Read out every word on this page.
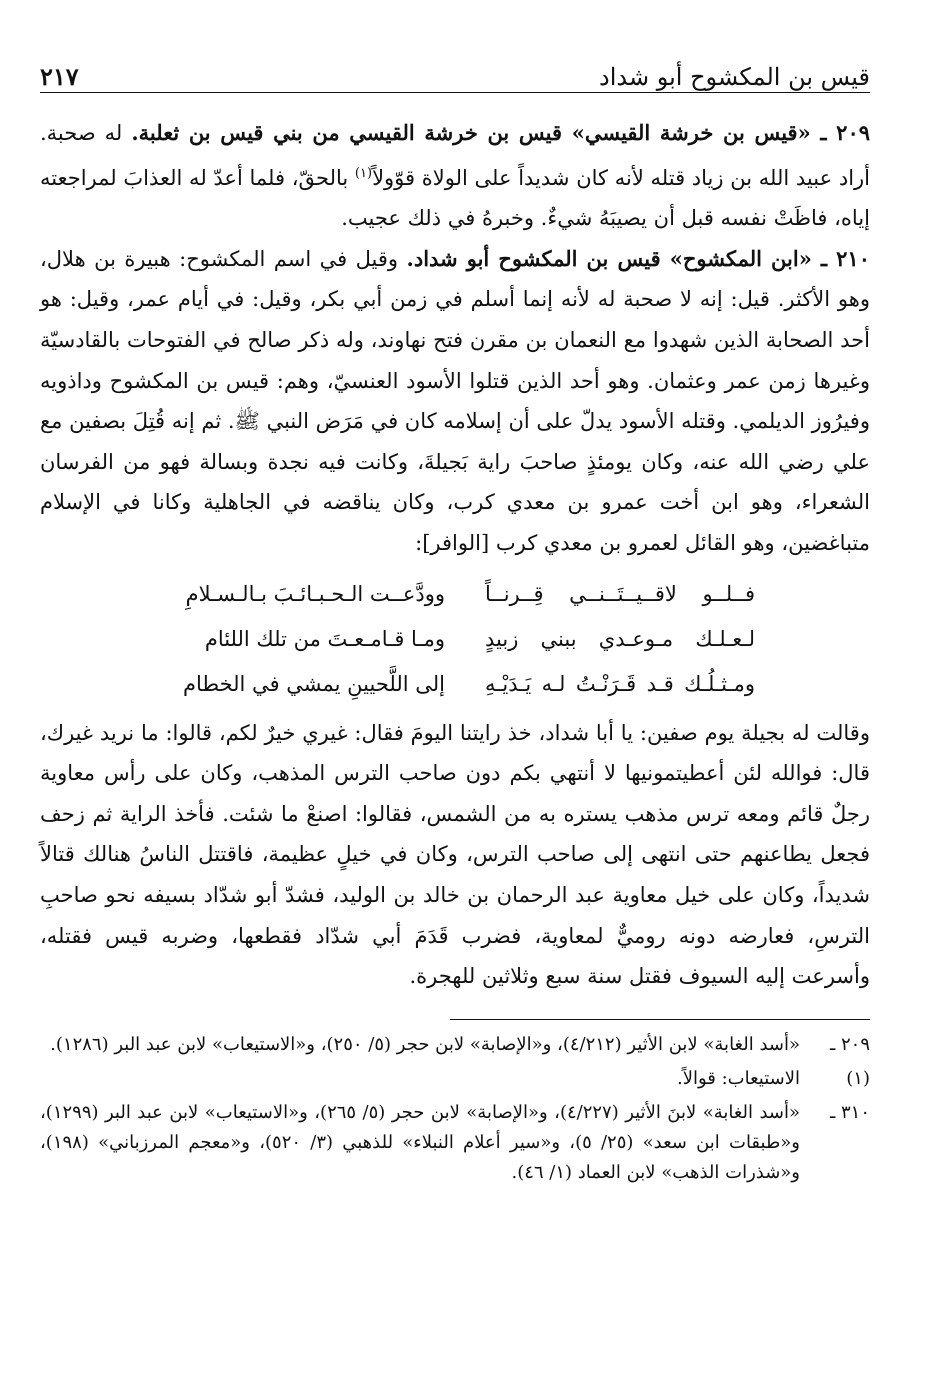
قيس بن المكشوح أبو شداد
٢١٧

٢٠٩ ـ «قيس بن خرشة القيسي» قيس بن خرشة القيسي من بني قيس بن ثعلبة. له صحبة. أراد عبيد الله بن زياد قتله لأنه كان شديداً على الولاة قوّولاً$^{(١)}$ بالحقّ، فلما أعدّ له العذابَ لمراجعته إياه، فاظَتْ نفسه قبل أن يصيبَهُ شيءٌ. وخبرهُ في ذلك عجيب.

٢١٠ ـ «ابن المكشوح» قيس بن المكشوح أبو شداد. وقيل في اسم المكشوح: هبيرة بن هلال، وهو الأكثر. قيل: إنه لا صحبة له لأنه إنما أسلم في زمن أبي بكر، وقيل: في أيام عمر، وقيل: هو أحد الصحابة الذين شهدوا مع النعمان بن مقرن فتح نهاوند، وله ذكر صالح في الفتوحات بالقادسيّة وغيرها زمن عمر وعثمان. وهو أحد الذين قتلوا الأسود العنسيّ، وهم: قيس بن المكشوح وداذويه وفيرُوز الديلمي. وقتله الأسود يدلّ على أن إسلامه كان في مَرَض النبي ﷺ. ثم إنه قُتِلَ بصفين مع علي رضي الله عنه، وكان يومئذٍ صاحبَ راية بَجيلةَ، وكانت فيه نجدة وبسالة فهو من الفرسان الشعراء، وهو ابن أخت عمرو بن معدي كرب، وكان يناقضه في الجاهلية وكانا في الإسلام متباغضين، وهو القائل لعمرو بن معدي كرب [الوافر]:

فــلــو لاقــيــتَــنــي قِــرنــاً
وودَّعــت الـحـبـائـبَ بـالـسـلامِ
لـعـلـك مـوعـدي ببني زبيدٍ
ومـا قـامـعـتَ من تلك اللئام
ومـثـلُـك قـد قَـرَنْـتُ لـه يَـدَيْـهِ
إلى اللَّحيينِ يمشي في الخطام

وقالت له بجيلة يوم صفين: يا أبا شداد، خذ رايتنا اليومَ فقال: غيري خيرٌ لكم، قالوا: ما نريد غيرك، قال: فوالله لئن أعطيتمونيها لا أنتهي بكم دون صاحب الترس المذهب، وكان على رأس معاوية رجلٌ قائم ومعه ترس مذهب يستره به من الشمس، فقالوا: اصنعْ ما شئت. فأخذ الراية ثم زحف فجعل يطاعنهم حتى انتهى إلى صاحب الترس، وكان في خيلٍ عظيمة، فاقتتل الناسُ هنالك قتالاً شديداً، وكان على خيل معاوية عبد الرحمان بن خالد بن الوليد، فشدّ أبو شدّاد بسيفه نحو صاحبِ الترسِ، فعارضه دونه روميٌّ لمعاوية، فضرب قَدَمَ أبي شدّاد فقطعها، وضربه قيس فقتله، وأسرعت إليه السيوف فقتل سنة سبع وثلاثين للهجرة.

٢٠٩ ـ
«أسد الغابة» لابن الأثير (٤/٢١٢)، و«الإصابة» لابن حجر (٥/ ٢٥٠)، و«الاستيعاب» لابن عبد البر (١٢٨٦).
(١)
الاستيعاب: قوالاً.
٣١٠ ـ
«أسد الغابة» لابنَ الأثير (٤/٢٢٧)، و«الإصابة» لابن حجر (٥/ ٢٦٥)، و«الاستيعاب» لابن عبد البر (١٢٩٩)، و«طبقات ابن سعد» (٢٥/ ٥)، و«سير أعلام النبلاء» للذهبي (٣/ ٥٢٠)، و«معجم المرزباني» (١٩٨)، و«شذرات الذهب» لابن العماد (١/ ٤٦).
